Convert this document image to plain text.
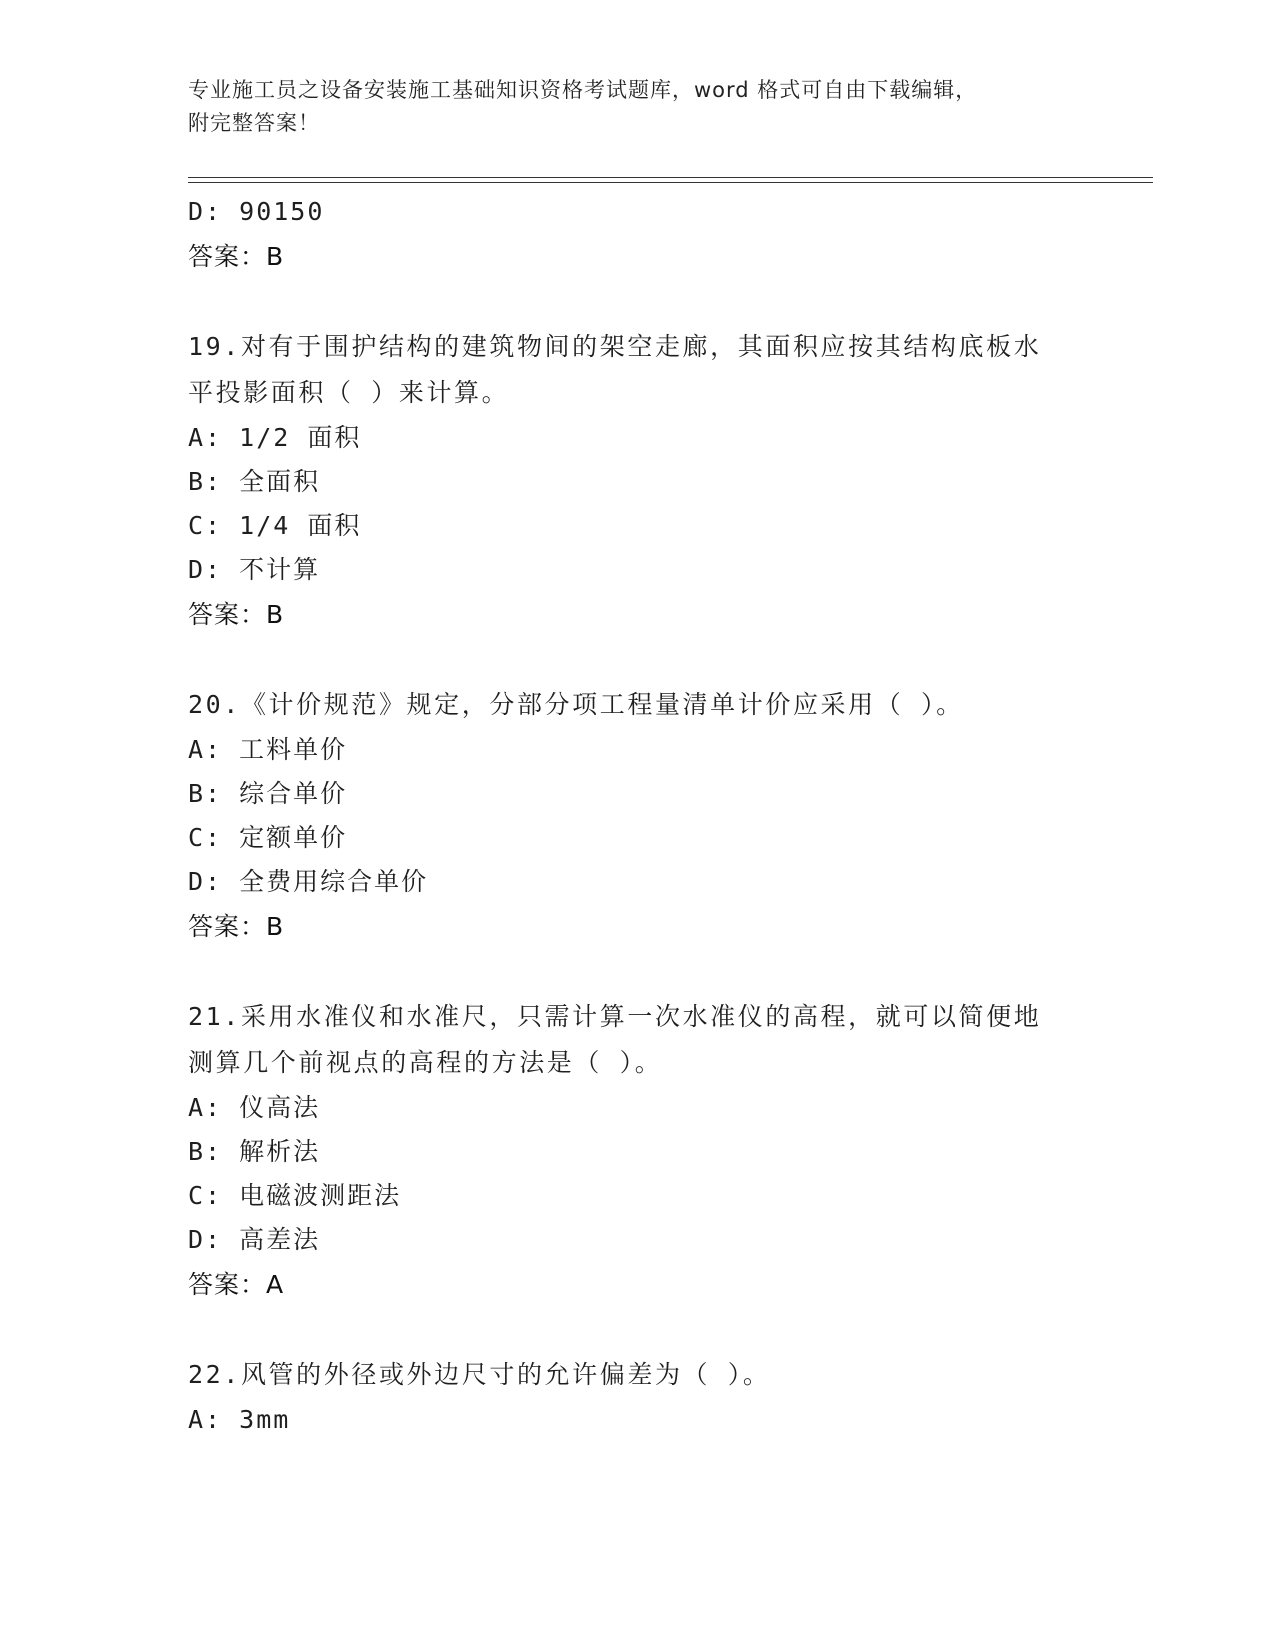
专业施工员之设备安装施工基础知识资格考试题库，word 格式可自由下载编辑，
附完整答案！
D: 90150
答案：B
19.对有于围护结构的建筑物间的架空走廊，其面积应按其结构底板水
平投影面积（ ）来计算。
A: 1/2 面积
B: 全面积
C: 1/4 面积
D: 不计算
答案：B
20.《计价规范》规定，分部分项工程量清单计价应采用（ ）。
A: 工料单价
B: 综合单价
C: 定额单价
D: 全费用综合单价
答案：B
21.采用水准仪和水准尺，只需计算一次水准仪的高程，就可以简便地
测算几个前视点的高程的方法是（ ）。
A: 仪高法
B: 解析法
C: 电磁波测距法
D: 高差法
答案：A
22.风管的外径或外边尺寸的允许偏差为（ ）。
A: 3mm
